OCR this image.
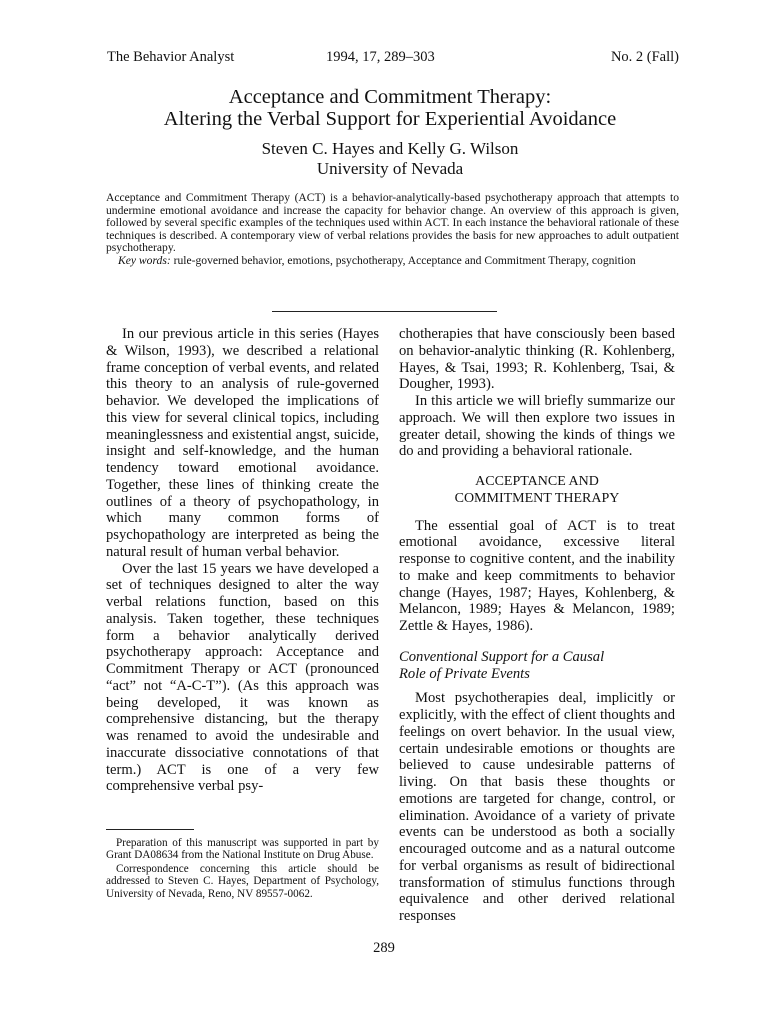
The Behavior Analyst	1994, 17, 289–303	No. 2 (Fall)
Acceptance and Commitment Therapy:
Altering the Verbal Support for Experiential Avoidance
Steven C. Hayes and Kelly G. Wilson
University of Nevada

Acceptance and Commitment Therapy (ACT) is a behavior-analytically-based psychotherapy approach that attempts to undermine emotional avoidance and increase the capacity for behavior change. An overview of this approach is given, followed by several specific examples of the techniques used within ACT. In each instance the behavioral rationale of these techniques is described. A contemporary view of verbal relations provides the basis for new approaches to adult outpatient psychotherapy.

Key words: rule-governed behavior, emotions, psychotherapy, Acceptance and Commitment Therapy, cognition

In our previous article in this series (Hayes & Wilson, 1993), we described a relational frame conception of verbal events, and related this theory to an analysis of rule-governed behavior. We developed the implications of this view for several clinical topics, including meaninglessness and existential angst, suicide, insight and self-knowledge, and the human tendency toward emotional avoidance. Together, these lines of thinking create the outlines of a theory of psychopathology, in which many common forms of psychopathology are interpreted as being the natural result of human verbal behavior.

Over the last 15 years we have developed a set of techniques designed to alter the way verbal relations function, based on this analysis. Taken together, these techniques form a behavior analytically derived psychotherapy approach: Acceptance and Commitment Therapy or ACT (pronounced “act” not “A-C-T”). (As this approach was being developed, it was known as comprehensive distancing, but the therapy was renamed to avoid the undesirable and inaccurate dissociative connotations of that term.) ACT is one of a very few comprehensive verbal psy-

chotherapies that have consciously been based on behavior-analytic thinking (R. Kohlenberg, Hayes, & Tsai, 1993; R. Kohlenberg, Tsai, & Dougher, 1993).

In this article we will briefly summarize our approach. We will then explore two issues in greater detail, showing the kinds of things we do and providing a behavioral rationale.

ACCEPTANCE AND
COMMITMENT THERAPY

The essential goal of ACT is to treat emotional avoidance, excessive literal response to cognitive content, and the inability to make and keep commitments to behavior change (Hayes, 1987; Hayes, Kohlenberg, & Melancon, 1989; Hayes & Melancon, 1989; Zettle & Hayes, 1986).

Conventional Support for a Causal
Role of Private Events

Most psychotherapies deal, implicitly or explicitly, with the effect of client thoughts and feelings on overt behavior. In the usual view, certain undesirable emotions or thoughts are believed to cause undesirable patterns of living. On that basis these thoughts or emotions are targeted for change, control, or elimination. Avoidance of a variety of private events can be understood as both a socially encouraged outcome and as a natural outcome for verbal organisms as result of bidirectional transformation of stimulus functions through equivalence and other derived relational responses

Preparation of this manuscript was supported in part by Grant DA08634 from the National Institute on Drug Abuse.

Correspondence concerning this article should be addressed to Steven C. Hayes, Department of Psychology, University of Nevada, Reno, NV 89557-0062.

289
